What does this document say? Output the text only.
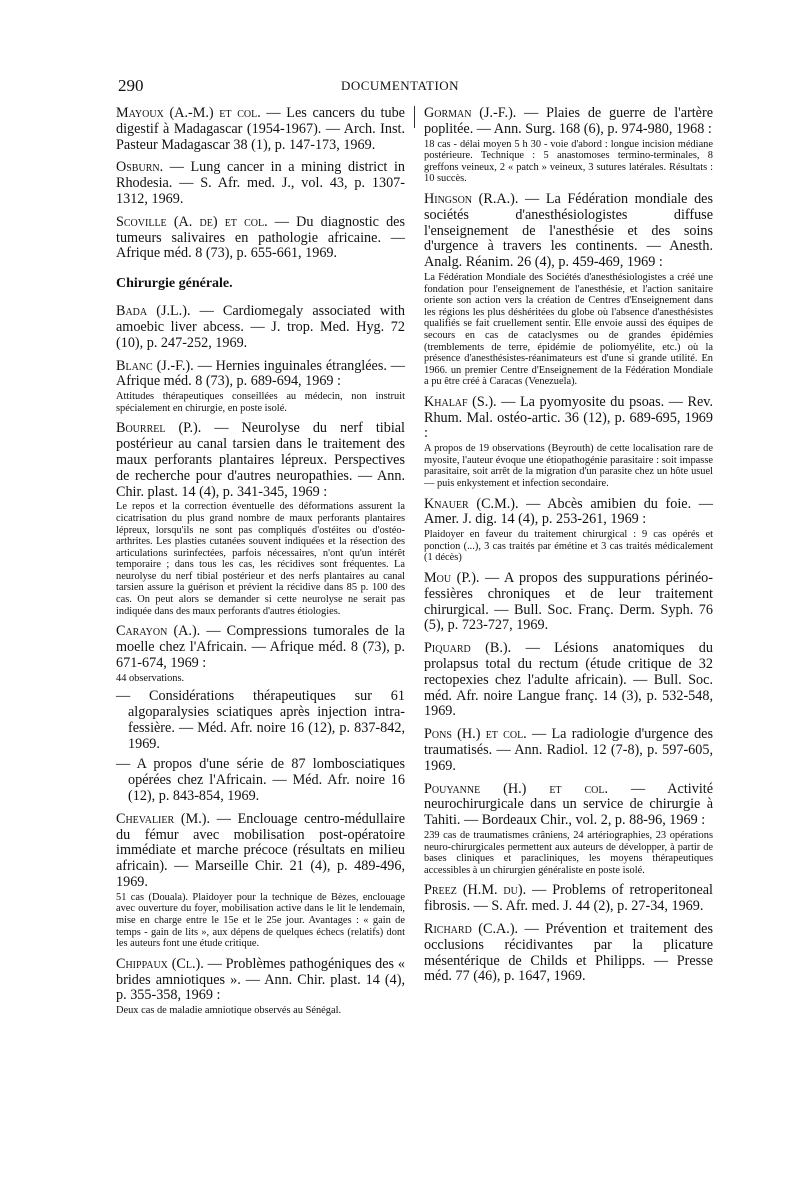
290	DOCUMENTATION
Mayoux (A.-M.) et col. — Les cancers du tube digestif à Madagascar (1954-1967). — Arch. Inst. Pasteur Madagascar 38 (1), p. 147-173, 1969.
Osburn. — Lung cancer in a mining district in Rhodesia. — S. Afr. med. J., vol. 43, p. 1307-1312, 1969.
Scoville (A. de) et col. — Du diagnostic des tumeurs salivaires en pathologie africaine. — Afrique méd. 8 (73), p. 655-661, 1969.
Chirurgie générale.
Bada (J.L.). — Cardiomegaly associated with amoebic liver abcess. — J. trop. Med. Hyg. 72 (10), p. 247-252, 1969.
Blanc (J.-F.). — Hernies inguinales étranglées. — Afrique méd. 8 (73), p. 689-694, 1969 :
Attitudes thérapeutiques conseillées au médecin, non instruit spécialement en chirurgie, en poste isolé.
Bourrel (P.). — Neurolyse du nerf tibial postérieur au canal tarsien dans le traitement des maux perforants plantaires lépreux. Perspectives de recherche pour d'autres neuropathies. — Ann. Chir. plast. 14 (4), p. 341-345, 1969 :
Le repos et la correction éventuelle des déformations assurent la cicatrisation du plus grand nombre de maux perforants plantaires lépreux, lorsqu'ils ne sont pas compliqués d'ostéites ou d'ostéo-arthrites. Les plasties cutanées souvent indiquées et la résection des articulations surinfectées, parfois nécessaires, n'ont qu'un intérêt temporaire ; dans tous les cas, les récidives sont fréquentes. La neurolyse du nerf tibial postérieur et des nerfs plantaires au canal tarsien assure la guérison et prévient la récidive dans 85 p. 100 des cas. On peut alors se demander si cette neurolyse ne serait pas indiquée dans des maux perforants d'autres étiologies.
Carayon (A.). — Compressions tumorales de la moelle chez l'Africain. — Afrique méd. 8 (73), p. 671-674, 1969 :
44 observations.
— Considérations thérapeutiques sur 61 algoparalysies sciatiques après injection intra-fessière. — Méd. Afr. noire 16 (12), p. 837-842, 1969.
— A propos d'une série de 87 lombosciatiques opérées chez l'Africain. — Méd. Afr. noire 16 (12), p. 843-854, 1969.
Chevalier (M.). — Enclouage centro-médullaire du fémur avec mobilisation post-opératoire immédiate et marche précoce (résultats en milieu africain). — Marseille Chir. 21 (4), p. 489-496, 1969.
51 cas (Douala). Plaidoyer pour la technique de Bèzes, enclouage avec ouverture du foyer, mobilisation active dans le lit le lendemain, mise en charge entre le 15e et le 25e jour. Avantages : « gain de temps - gain de lits », aux dépens de quelques échecs (relatifs) dont les auteurs font une étude critique.
Chippaux (Cl.). — Problèmes pathogéniques des « brides amniotiques ». — Ann. Chir. plast. 14 (4), p. 355-358, 1969 :
Deux cas de maladie amniotique observés au Sénégal.
Gorman (J.-F.). — Plaies de guerre de l'artère poplitée. — Ann. Surg. 168 (6), p. 974-980, 1968 :
18 cas - délai moyen 5 h 30 - voie d'abord : longue incision médiane postérieure. Technique : 5 anastomoses termino-terminales, 8 greffons veineux, 2 « patch » veineux, 3 sutures latérales. Résultats : 10 succès.
Hingson (R.A.). — La Fédération mondiale des sociétés d'anesthésiologistes diffuse l'enseignement de l'anesthésie et des soins d'urgence à travers les continents. — Anesth. Analg. Réanim. 26 (4), p. 459-469, 1969 :
La Fédération Mondiale des Sociétés d'anesthésiologistes a créé une fondation pour l'enseignement de l'anesthésie, et l'action sanitaire oriente son action vers la création de Centres d'Enseignement dans les régions les plus déshéritées du globe où l'absence d'anesthésistes qualifiés se fait cruellement sentir. Elle envoie aussi des équipes de secours en cas de cataclysmes ou de grandes épidémies (tremblements de terre, épidémie de poliomyélite, etc.) où la présence d'anesthésistes-réanimateurs est d'une si grande utilité. En 1966. un premier Centre d'Enseignement de la Fédération Mondiale a pu être créé à Caracas (Venezuela).
Khalaf (S.). — La pyomyosite du psoas. — Rev. Rhum. Mal. ostéo-artic. 36 (12), p. 689-695, 1969 :
A propos de 19 observations (Beyrouth) de cette localisation rare de myosite, l'auteur évoque une étiopathogénie parasitaire : soit impasse parasitaire, soit arrêt de la migration d'un parasite chez un hôte usuel — puis enkystement et infection secondaire.
Knauer (C.M.). — Abcès amibien du foie. — Amer. J. dig. 14 (4), p. 253-261, 1969 :
Plaidoyer en faveur du traitement chirurgical : 9 cas opérés et ponction (...), 3 cas traités par émétine et 3 cas traités médicalement (1 décès)
Mou (P.). — A propos des suppurations périnéo-fessières chroniques et de leur traitement chirurgical. — Bull. Soc. Franç. Derm. Syph. 76 (5), p. 723-727, 1969.
Piquard (B.). — Lésions anatomiques du prolapsus total du rectum (étude critique de 32 rectopexies chez l'adulte africain). — Bull. Soc. méd. Afr. noire Langue franç. 14 (3), p. 532-548, 1969.
Pons (H.) et col. — La radiologie d'urgence des traumatisés. — Ann. Radiol. 12 (7-8), p. 597-605, 1969.
Pouyanne (H.) et col. — Activité neurochirurgicale dans un service de chirurgie à Tahiti. — Bordeaux Chir., vol. 2, p. 88-96, 1969 :
239 cas de traumatismes crâniens, 24 artériographies, 23 opérations neuro-chirurgicales permettent aux auteurs de développer, à partir de bases cliniques et paracliniques, les moyens thérapeutiques accessibles à un chirurgien généraliste en poste isolé.
Preez (H.M. du). — Problems of retroperitoneal fibrosis. — S. Afr. med. J. 44 (2), p. 27-34, 1969.
Richard (C.A.). — Prévention et traitement des occlusions récidivantes par la plicature mésentérique de Childs et Philipps. — Presse méd. 77 (46), p. 1647, 1969.
